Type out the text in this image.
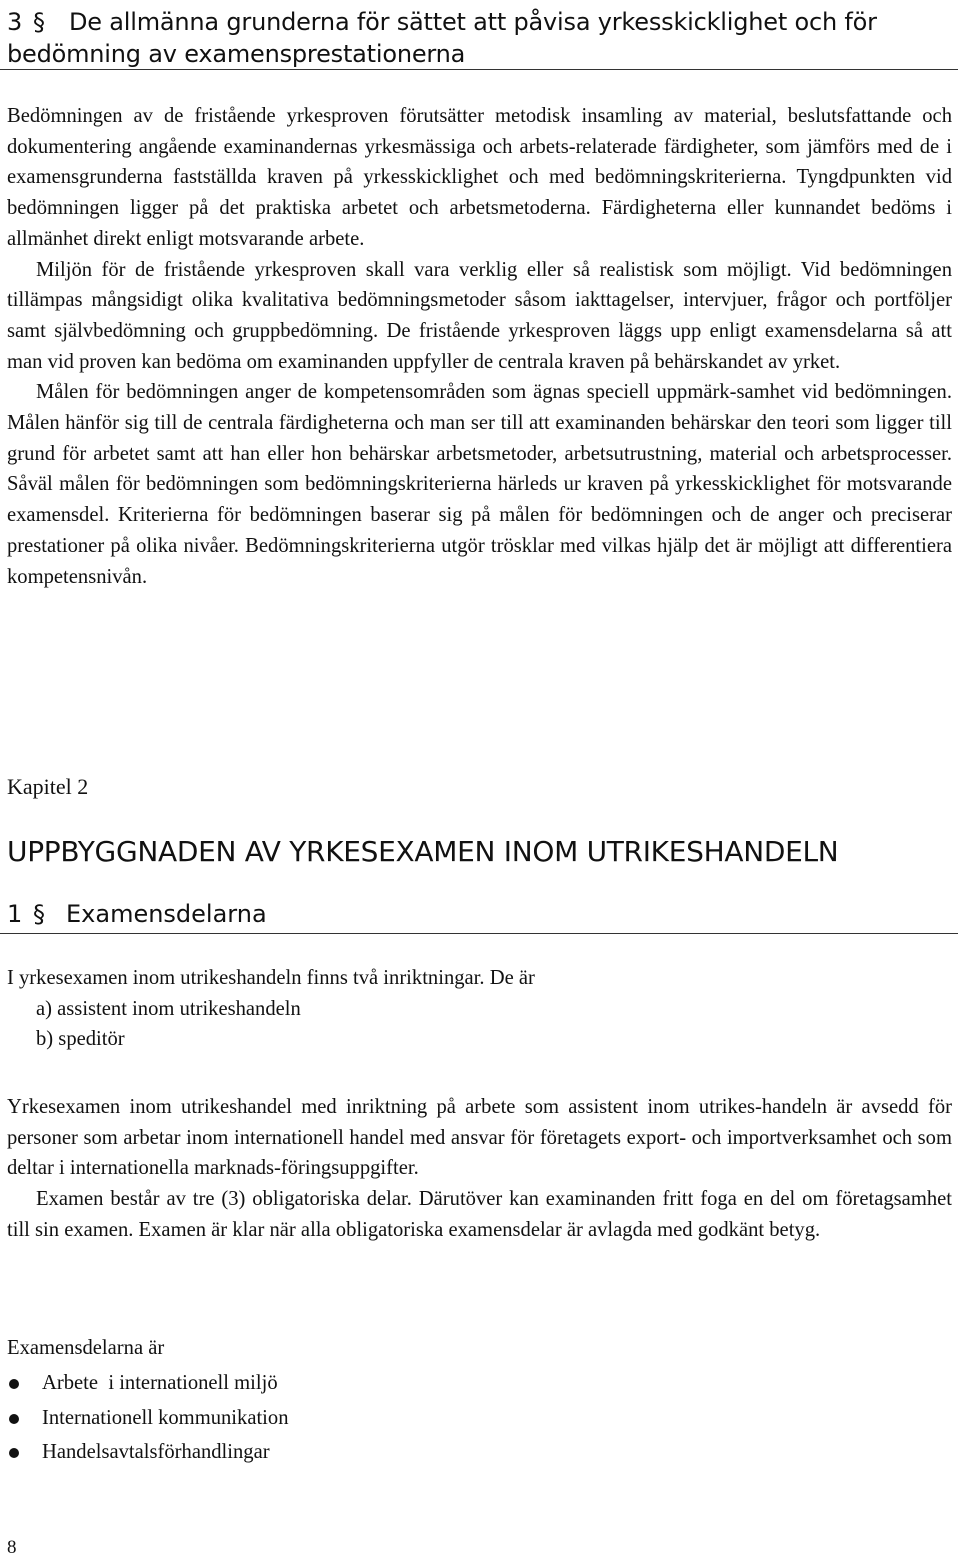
3 § De allmänna grunderna för sättet att påvisa yrkesskicklighet och för
bedömning av examensprestationerna

Bedömningen av de fristående yrkesproven förutsätter metodisk insamling av material, beslutsfattande och dokumentering angående examinandernas yrkesmässiga och arbets-relaterade färdigheter, som jämförs med de i examensgrunderna fastställda kraven på yrkesskicklighet och med bedömningskriterierna. Tyngdpunkten vid bedömningen ligger på det praktiska arbetet och arbetsmetoderna. Färdigheterna eller kunnandet bedöms i allmänhet direkt enligt motsvarande arbete.

Miljön för de fristående yrkesproven skall vara verklig eller så realistisk som möjligt. Vid bedömningen tillämpas mångsidigt olika kvalitativa bedömningsmetoder såsom iakttagelser, intervjuer, frågor och portföljer samt självbedömning och gruppbedömning. De fristående yrkesproven läggs upp enligt examensdelarna så att man vid proven kan bedöma om examinanden uppfyller de centrala kraven på behärskandet av yrket.

Målen för bedömningen anger de kompetensområden som ägnas speciell uppmärk-samhet vid bedömningen. Målen hänför sig till de centrala färdigheterna och man ser till att examinanden behärskar den teori som ligger till grund för arbetet samt att han eller hon behärskar arbetsmetoder, arbetsutrustning, material och arbetsprocesser. Såväl målen för bedömningen som bedömningskriterierna härleds ur kraven på yrkesskicklighet för motsvarande examensdel. Kriterierna för bedömningen baserar sig på målen för bedömningen och de anger och preciserar prestationer på olika nivåer. Bedömningskriterierna utgör trösklar med vilkas hjälp det är möjligt att differentiera kompetensnivån.

Kapitel 2
UPPBYGGNADEN AV YRKESEXAMEN INOM UTRIKESHANDELN
1 § Examensdelarna
I yrkesexamen inom utrikeshandeln finns två inriktningar. De är
a) assistent inom utrikeshandeln
b) speditör

Yrkesexamen inom utrikeshandel med inriktning på arbete som assistent inom utrikes-handeln är avsedd för personer som arbetar inom internationell handel med ansvar för företagets export- och importverksamhet och som deltar i internationella marknads-föringsuppgifter.

Examen består av tre (3) obligatoriska delar. Därutöver kan examinanden fritt foga en del om företagsamhet till sin examen. Examen är klar när alla obligatoriska examensdelar är avlagda med godkänt betyg.

Examensdelarna är
Arbete  i internationell miljö
Internationell kommunikation
Handelsavtalsförhandlingar
8
